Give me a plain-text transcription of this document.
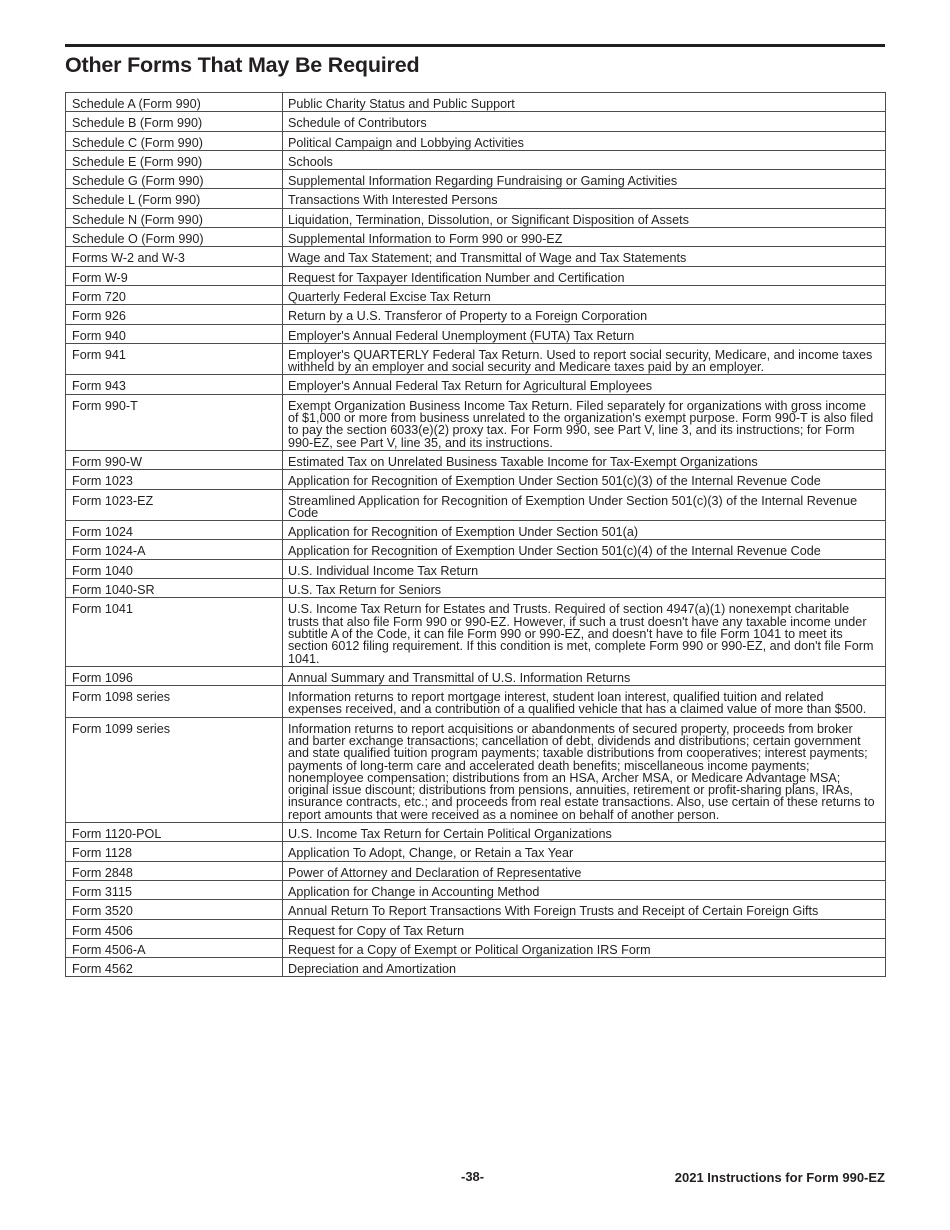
Other Forms That May Be Required
Schedule A (Form 990)	Public Charity Status and Public Support
Schedule B (Form 990)	Schedule of Contributors
Schedule C (Form 990)	Political Campaign and Lobbying Activities
Schedule E (Form 990)	Schools
Schedule G (Form 990)	Supplemental Information Regarding Fundraising or Gaming Activities
Schedule L (Form 990)	Transactions With Interested Persons
Schedule N (Form 990)	Liquidation, Termination, Dissolution, or Significant Disposition of Assets
Schedule O (Form 990)	Supplemental Information to Form 990 or 990-EZ
Forms W-2 and W-3	Wage and Tax Statement; and Transmittal of Wage and Tax Statements
Form W-9	Request for Taxpayer Identification Number and Certification
Form 720	Quarterly Federal Excise Tax Return
Form 926	Return by a U.S. Transferor of Property to a Foreign Corporation
Form 940	Employer's Annual Federal Unemployment (FUTA) Tax Return
Form 941	Employer's QUARTERLY Federal Tax Return. Used to report social security, Medicare, and income taxes withheld by an employer and social security and Medicare taxes paid by an employer.
Form 943	Employer's Annual Federal Tax Return for Agricultural Employees
Form 990-T	Exempt Organization Business Income Tax Return. Filed separately for organizations with gross income of $1,000 or more from business unrelated to the organization's exempt purpose. Form 990-T is also filed to pay the section 6033(e)(2) proxy tax. For Form 990, see Part V, line 3, and its instructions; for Form 990-EZ, see Part V, line 35, and its instructions.
Form 990-W	Estimated Tax on Unrelated Business Taxable Income for Tax-Exempt Organizations
Form 1023	Application for Recognition of Exemption Under Section 501(c)(3) of the Internal Revenue Code
Form 1023-EZ	Streamlined Application for Recognition of Exemption Under Section 501(c)(3) of the Internal Revenue Code
Form 1024	Application for Recognition of Exemption Under Section 501(a)
Form 1024-A	Application for Recognition of Exemption Under Section 501(c)(4) of the Internal Revenue Code
Form 1040	U.S. Individual Income Tax Return
Form 1040-SR	U.S. Tax Return for Seniors
Form 1041	U.S. Income Tax Return for Estates and Trusts. Required of section 4947(a)(1) nonexempt charitable trusts that also file Form 990 or 990-EZ. However, if such a trust doesn't have any taxable income under subtitle A of the Code, it can file Form 990 or 990-EZ, and doesn't have to file Form 1041 to meet its section 6012 filing requirement. If this condition is met, complete Form 990 or 990-EZ, and don't file Form 1041.
Form 1096	Annual Summary and Transmittal of U.S. Information Returns
Form 1098 series	Information returns to report mortgage interest, student loan interest, qualified tuition and related expenses received, and a contribution of a qualified vehicle that has a claimed value of more than $500.
Form 1099 series	Information returns to report acquisitions or abandonments of secured property, proceeds from broker and barter exchange transactions; cancellation of debt, dividends and distributions; certain government and state qualified tuition program payments; taxable distributions from cooperatives; interest payments; payments of long-term care and accelerated death benefits; miscellaneous income payments; nonemployee compensation; distributions from an HSA, Archer MSA, or Medicare Advantage MSA; original issue discount; distributions from pensions, annuities, retirement or profit-sharing plans, IRAs, insurance contracts, etc.; and proceeds from real estate transactions. Also, use certain of these returns to report amounts that were received as a nominee on behalf of another person.
Form 1120-POL	U.S. Income Tax Return for Certain Political Organizations
Form 1128	Application To Adopt, Change, or Retain a Tax Year
Form 2848	Power of Attorney and Declaration of Representative
Form 3115	Application for Change in Accounting Method
Form 3520	Annual Return To Report Transactions With Foreign Trusts and Receipt of Certain Foreign Gifts
Form 4506	Request for Copy of Tax Return
Form 4506-A	Request for a Copy of Exempt or Political Organization IRS Form
Form 4562	Depreciation and Amortization
-38-	2021 Instructions for Form 990-EZ
